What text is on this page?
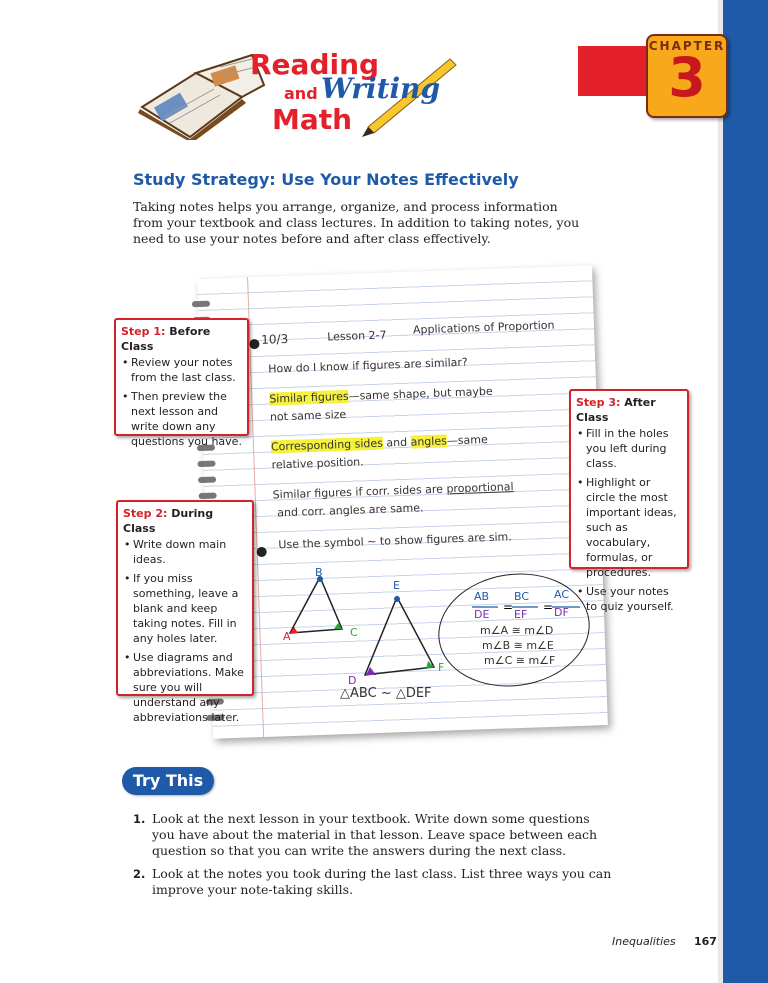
CHAPTER
3
Reading
and Writing
Math
Study Strategy: Use Your Notes Effectively
Taking notes helps you arrange, organize, and process information from your textbook and class lectures. In addition to taking notes, you need to use your notes before and after class effectively.
10/3	Lesson 2-7 Applications of Proportion
How do I know if figures are similar?
Similar figures—same shape, but maybe
not same size
Corresponding sides and angles—same
relative position.
Similar figures if corr. sides are proportional
and corr. angles are same.
Use the symbol ~ to show figures are sim.
B
A	C
E
D
F
△ABC ~ △DEF
= =
AB
DE
BC
EF
AC
DF
m∠A ≅ m∠D
m∠B ≅ m∠E
m∠C ≅ m∠F
Step 1: Before Class
• Review your notes from the last class.
• Then preview the next lesson and write down any questions you have.
Step 2: During Class
• Write down main ideas.
• If you miss something, leave a blank and keep taking notes. Fill in any holes later.
• Use diagrams and abbreviations. Make sure you will understand any abbreviations later.
Step 3: After Class
• Fill in the holes you left during class.
• Highlight or circle the most important ideas, such as vocabulary, formulas, or procedures.
• Use your notes to quiz yourself.
Try This
1. Look at the next lesson in your textbook. Write down some questions you have about the material in that lesson. Leave space between each question so that you can write the answers during the next class.
2. Look at the notes you took during the last class. List three ways you can improve your note-taking skills.
Inequalities 167
